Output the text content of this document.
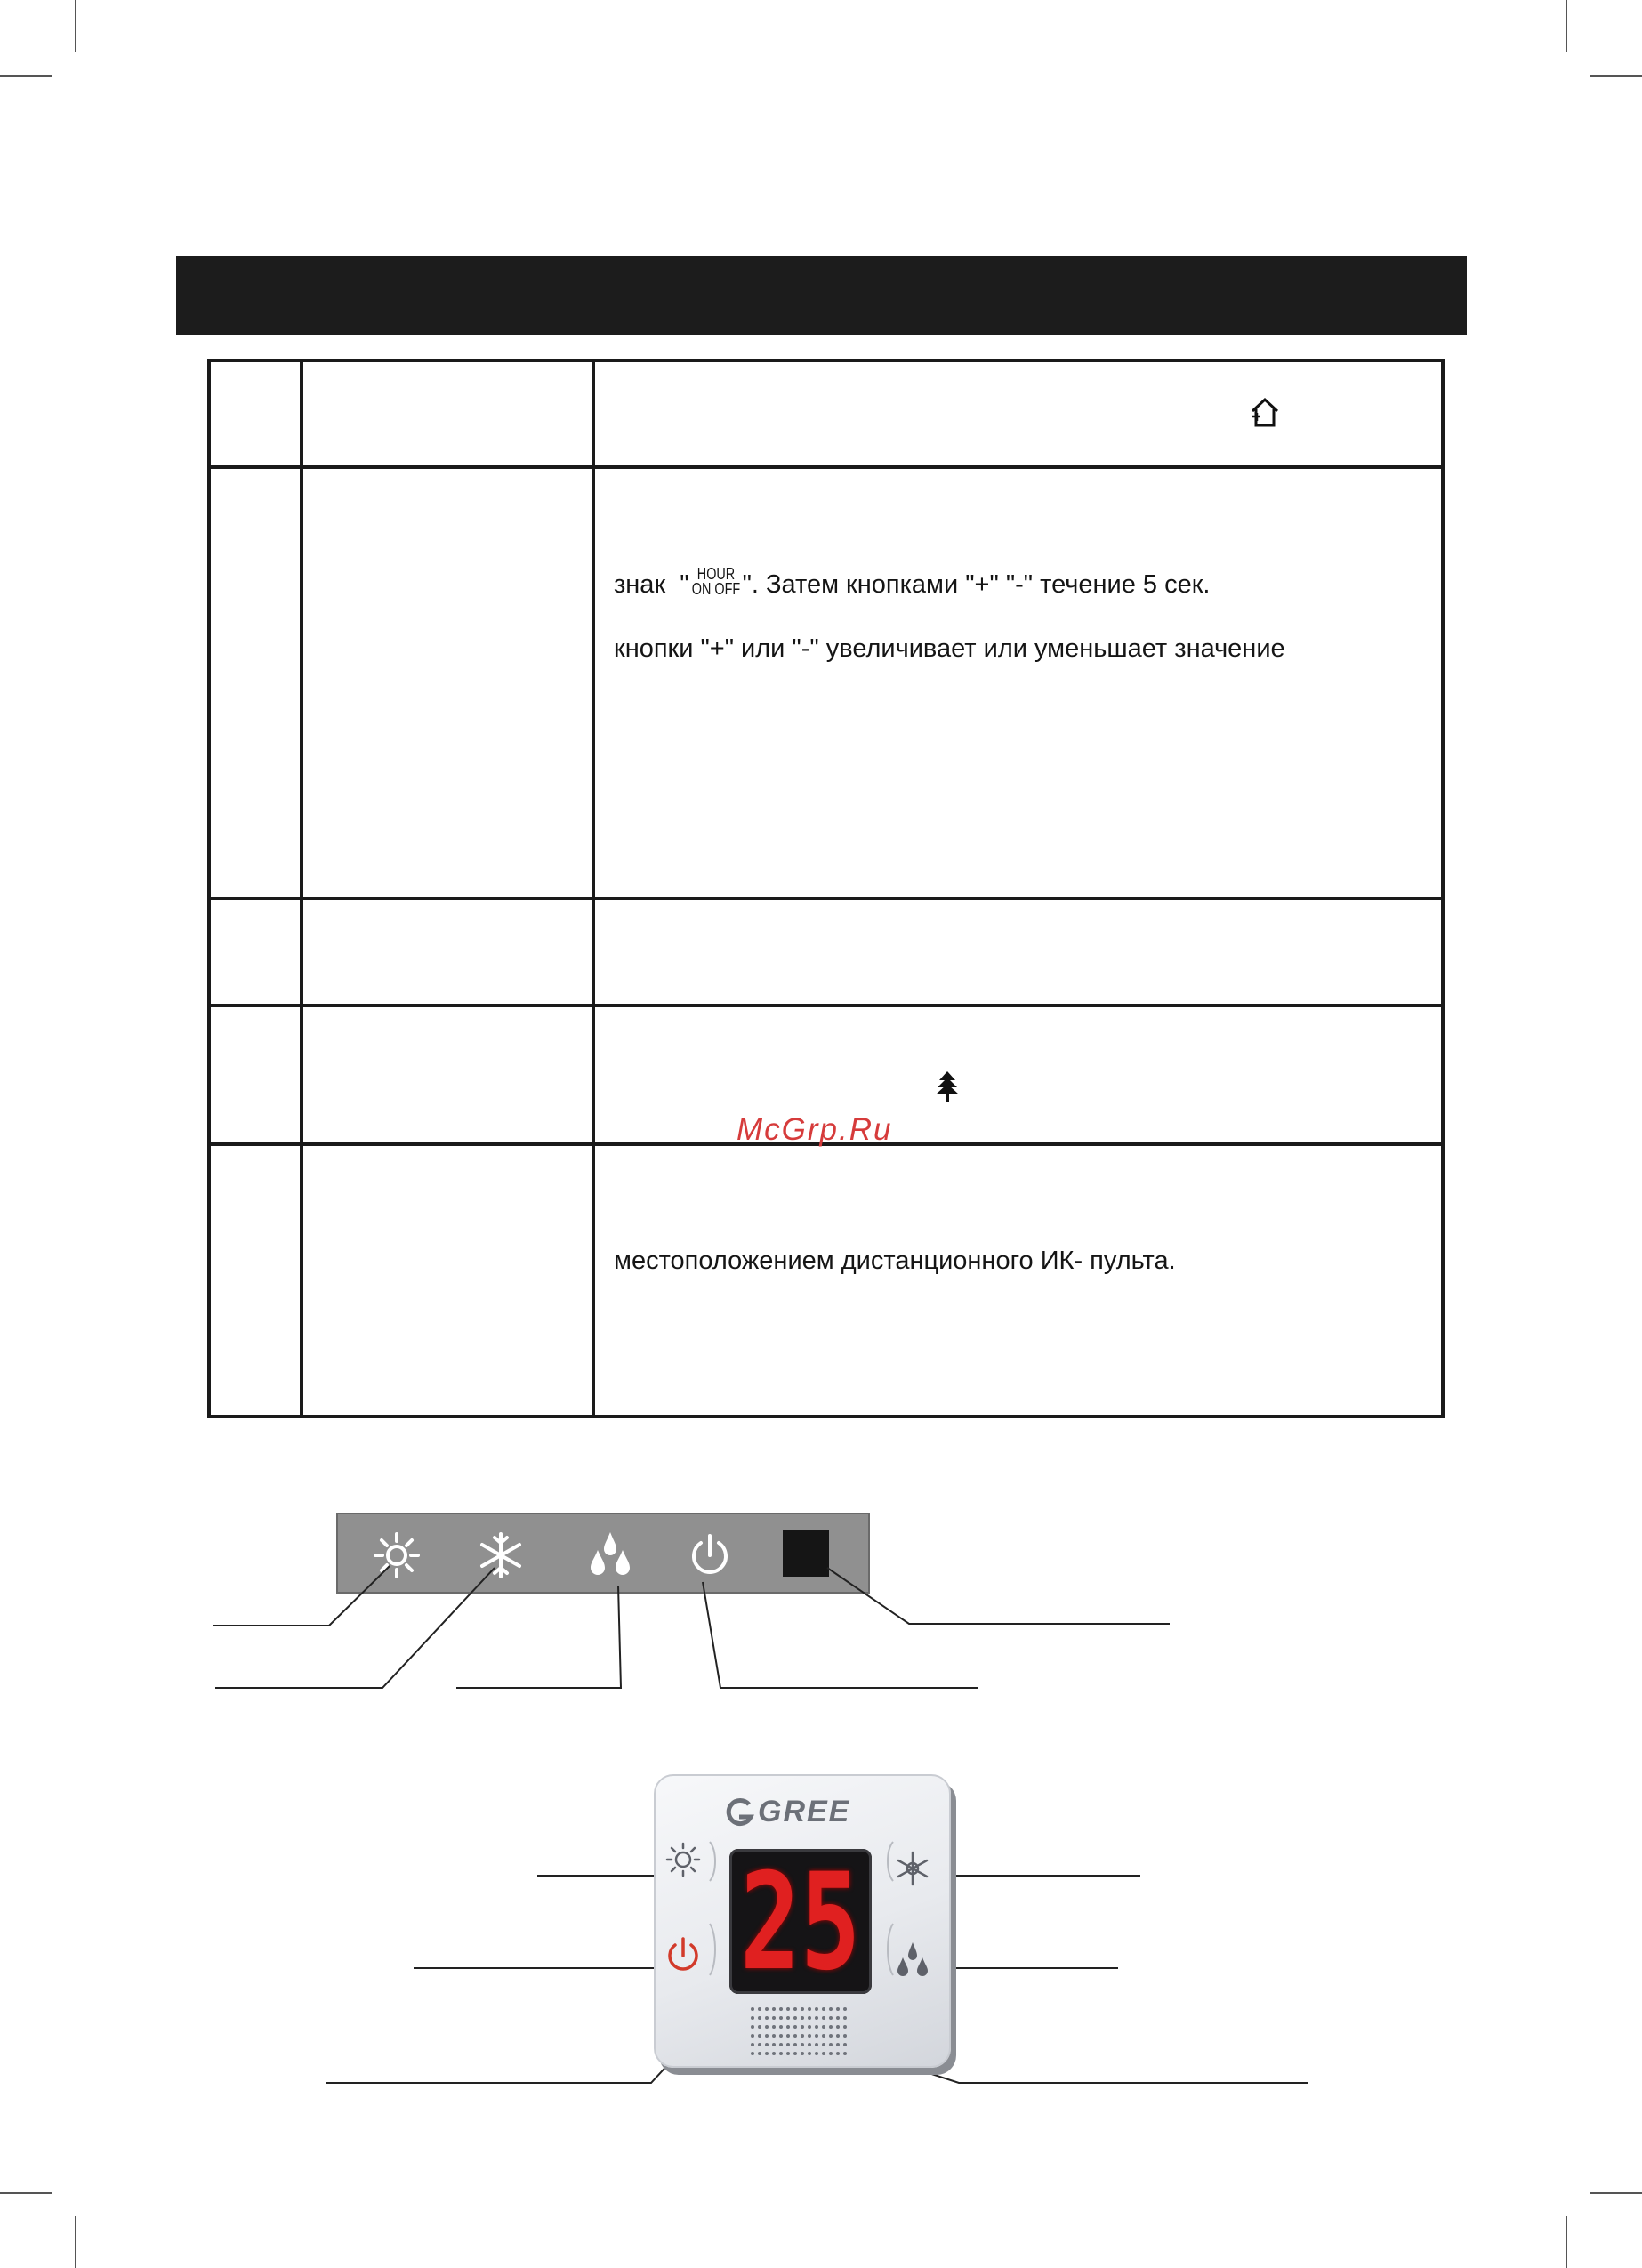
знак  " HOUR
ON OFF". Затем кнопками "+" "-" течение 5 сек.
кнопки "+" или "-" увеличивает или уменьшает значение
McGrp.Ru
местоположением дистанционного ИК- пульта.
GREE
25
